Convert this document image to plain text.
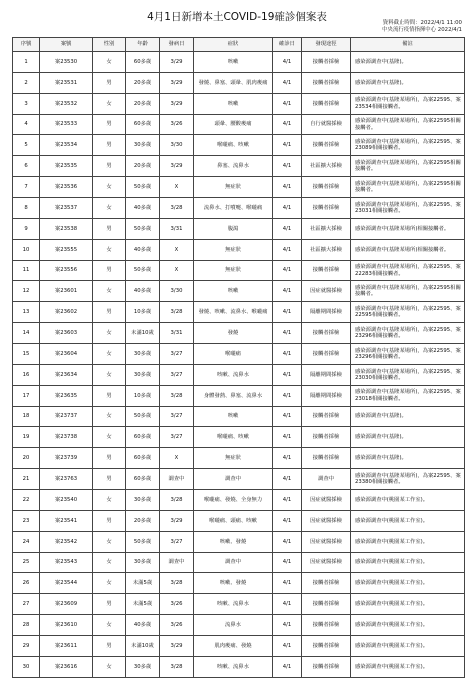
4月1日新增本土COVID-19確診個案表	資料截止時間：2022/4/1 11:00
中央流行疫情指揮中心 2022/4/1
序號	案號	性別	年齡	發病日	症狀	確診日	發現途徑	備註
1	案23530	女	60多歲	3/29	咳嗽	4/1	接觸者採檢	感染源調查中(基隆)。
2	案23531	男	20多歲	3/29	發燒、鼻塞、頭暈、肌肉痠痛	4/1	接觸者採檢	感染源調查中(基隆)。
3	案23532	女	20多歲	3/29	咳嗽	4/1	接觸者採檢	感染源調查中(基隆某場所)，為案22595、案23534相關接觸者。
4	案23533	男	60多歲	3/26	頭暈、腰酸痠痛	4/1	自行就醫採檢	感染源調查中(基隆某場所)，為案22595相關接觸者。
5	案23534	男	30多歲	3/30	喉嚨痛、咳嗽	4/1	接觸者採檢	感染源調查中(基隆某場所)，為案22595、案23089相關接觸者。
6	案23535	男	20多歲	3/29	鼻塞、流鼻水	4/1	社區擴大採檢	感染源調查中(基隆某場所)，為案22595相關接觸者。
7	案23536	女	50多歲	X	無症狀	4/1	接觸者採檢	感染源調查中(基隆某場所)，為案22595相關接觸者。
8	案23537	女	40多歲	3/28	流鼻水、打噴嚏、喉嚨痛	4/1	接觸者採檢	感染源調查中(基隆某場所)，為案22595、案23031相關接觸者。
9	案23538	男	50多歲	3/31	腹瀉	4/1	社區擴大採檢	感染源調查中(基隆某場所)相關接觸者。
10	案23555	女	40多歲	X	無症狀	4/1	社區擴大採檢	感染源調查中(基隆某場所)相關接觸者。
11	案23556	男	50多歲	X	無症狀	4/1	接觸者採檢	感染源調查中(基隆某場所)，為案22595、案22283相關接觸者。
12	案23601	女	40多歲	3/30	咳嗽	4/1	因症就醫採檢	感染源調查中(基隆某場所)，為案22595相關接觸者。
13	案23602	男	10多歲	3/28	發燒、咳嗽、流鼻水、喉嚨痛	4/1	隔離期間採檢	感染源調查中(基隆某場所)，為案22595、案22595相關接觸者。
14	案23603	女	未滿10歲	3/31	發燒	4/1	接觸者採檢	感染源調查中(基隆某場所)，為案22595、案23296相關接觸者。
15	案23604	女	30多歲	3/27	喉嚨痛	4/1	接觸者採檢	感染源調查中(基隆某場所)，為案22595、案23296相關接觸者。
16	案23634	女	30多歲	3/27	咳嗽、流鼻水	4/1	隔離期間採檢	感染源調查中(基隆某場所)，為案22595、案23030相關接觸者。
17	案23635	男	10多歲	3/28	身體發熱、鼻塞、流鼻水	4/1	隔離期間採檢	感染源調查中(基隆某場所)，為案22595、案23018相關接觸者。
18	案23737	女	50多歲	3/27	咳嗽	4/1	接觸者採檢	感染源調查中(基隆)。
19	案23738	女	60多歲	3/27	喉嚨痛、咳嗽	4/1	接觸者採檢	感染源調查中(基隆)。
20	案23739	男	60多歲	X	無症狀	4/1	接觸者採檢	感染源調查中(基隆)。
21	案23763	男	60多歲	調查中	調查中	4/1	調查中	感染源調查中(基隆某場所)，為案22595、案23380相關接觸者。
22	案23540	女	30多歲	3/28	喉嚨痛、發燒、全身無力	4/1	因症就醫採檢	感染源調查中(桃園某工作室)。
23	案23541	男	20多歲	3/29	喉嚨痛、頭痛、咳嗽	4/1	因症就醫採檢	感染源調查中(桃園某工作室)。
24	案23542	女	50多歲	3/27	咳嗽、發燒	4/1	因症就醫採檢	感染源調查中(桃園某工作室)。
25	案23543	女	30多歲	調查中	調查中	4/1	因症就醫採檢	感染源調查中(桃園某工作室)。
26	案23544	女	未滿5歲	3/28	咳嗽、發燒	4/1	接觸者採檢	感染源調查中(桃園某工作室)。
27	案23609	男	未滿5歲	3/26	咳嗽、流鼻水	4/1	接觸者採檢	感染源調查中(桃園某工作室)。
28	案23610	女	40多歲	3/26	流鼻水	4/1	接觸者採檢	感染源調查中(桃園某工作室)。
29	案23611	男	未滿10歲	3/29	肌肉痠痛、發燒	4/1	接觸者採檢	感染源調查中(桃園某工作室)。
30	案23616	女	30多歲	3/28	咳嗽、流鼻水	4/1	接觸者採檢	感染源調查中(桃園某工作室)。
